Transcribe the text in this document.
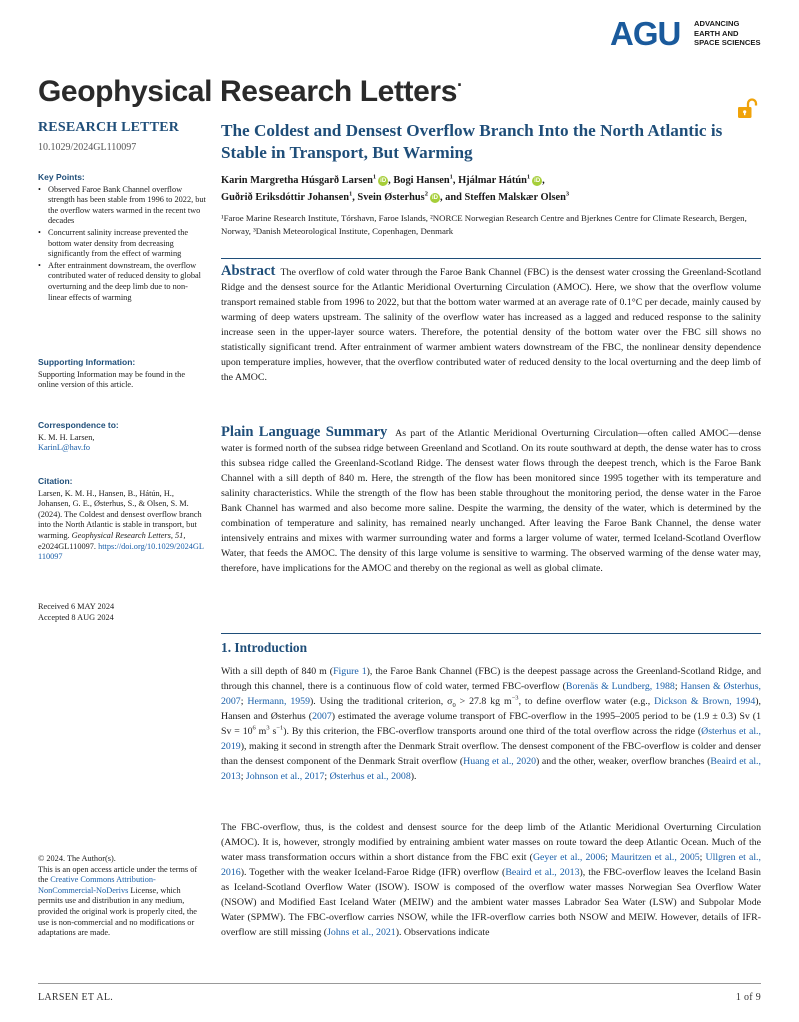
AGU ADVANCING
EARTH AND
SPACE SCIENCES
Geophysical Research Letters·
RESEARCH LETTER
10.1029/2024GL110097
Key Points:
• Observed Faroe Bank Channel overflow strength has been stable from 1996 to 2022, but the overflow waters warmed in the recent two decades
• Concurrent salinity increase prevented the bottom water density from decreasing significantly from the effect of warming
• After entrainment downstream, the overflow contributed water of reduced density to global overturning and the deep limb due to non-linear effects of warming
Supporting Information:
Supporting Information may be found in the online version of this article.
Correspondence to:
K. M. H. Larsen,
KarinL@hav.fo
Citation:
Larsen, K. M. H., Hansen, B., Hátún, H., Johansen, G. E., Østerhus, S., & Olsen, S. M. (2024). The Coldest and densest overflow branch into the North Atlantic is stable in transport, but warming. Geophysical Research Letters, 51, e2024GL110097. https://doi.org/10.1029/2024GL110097
Received 6 MAY 2024
Accepted 8 AUG 2024
© 2024. The Author(s).
This is an open access article under the terms of the Creative Commons Attribution-NonCommercial-NoDerivs License, which permits use and distribution in any medium, provided the original work is properly cited, the use is non-commercial and no modifications or adaptations are made.
The Coldest and Densest Overflow Branch Into the North Atlantic is Stable in Transport, But Warming
Karin Margretha Húsgarð Larsen$^1$iD , Bogi Hansen$^1$, Hjálmar Hátún$^1$iD ,
Guðrið Eriksdóttir Johansen$^1$, Svein Østerhus$^2$iD , and Steffen Malskær Olsen$^3$
¹Faroe Marine Research Institute, Tórshavn, Faroe Islands, ²NORCE Norwegian Research Centre and Bjerknes Centre for Climate Research, Bergen, Norway, ³Danish Meteorological Institute, Copenhagen, Denmark
Abstract The overflow of cold water through the Faroe Bank Channel (FBC) is the densest water crossing the Greenland-Scotland Ridge and the densest source for the Atlantic Meridional Overturning Circulation (AMOC). Here, we show that the overflow volume transport remained stable from 1996 to 2022, but that the bottom water warmed at an average rate of 0.1°C per decade, mainly caused by warming of deep waters upstream. The salinity of the overflow water has increased as a lagged and reduced response to the salinity increase seen in the upper-layer source waters. Therefore, the potential density of the bottom water over the FBC sill shows no statistically significant trend. After entrainment of warmer ambient waters downstream of the FBC, the nonlinear density dependence upon temperature implies, however, that the overflow contributed water of reduced density to the local overturning and the deep limb of the AMOC.
Plain Language Summary As part of the Atlantic Meridional Overturning Circulation—often called AMOC—dense water is formed north of the subsea ridge between Greenland and Scotland. On its route southward at depth, the dense water has to cross this subsea ridge called the Greenland-Scotland Ridge. The densest water flows through the deepest trench, which is the Faroe Bank Channel with a sill depth of 840 m. Here, the strength of the flow has been monitored since 1995 together with its temperature and salinity characteristics. While the strength of the flow has been stable throughout the monitoring period, the dense water in the Faroe Bank Channel has warmed and also become more saline. Despite the warming, the density of the water, which is determined by the combination of temperature and salinity, has remained nearly unchanged. After leaving the Faroe Bank Channel, the dense water intensively entrains and mixes with warmer surrounding water and forms a larger volume of water, termed Iceland-Scotland Overflow Water, that feeds the AMOC. The density of this large volume is sensitive to warming. The observed warming of the dense water may, therefore, have implications for the AMOC and thereby on the regional as well as global climate.
1. Introduction
With a sill depth of 840 m (Figure 1), the Faroe Bank Channel (FBC) is the deepest passage across the Greenland-Scotland Ridge, and through this channel, there is a continuous flow of cold water, termed FBC-overflow (Borenäs & Lundberg, 1988; Hansen & Østerhus, 2007; Hermann, 1959). Using the traditional criterion, $\sigma_0 > 27.8$ kg $m^{-3}$, to define overflow water (e.g., Dickson & Brown, 1994), Hansen and Østerhus (2007) estimated the average volume transport of FBC-overflow in the 1995–2005 period to be (1.9 ± 0.3) Sv (1 $Sv = 10^6$ $m^3$ $s^{-1}$). By this criterion, the FBC-overflow transports around one third of the total overflow across the ridge (Østerhus et al., 2019), making it second in strength after the Denmark Strait overflow. The densest component of the FBC-overflow is colder and denser than the densest component of the Denmark Strait overflow (Huang et al., 2020) and the other, weaker, overflow branches (Beaird et al., 2013; Johnson et al., 2017; Østerhus et al., 2008).
The FBC-overflow, thus, is the coldest and densest source for the deep limb of the Atlantic Meridional Overturning Circulation (AMOC). It is, however, strongly modified by entraining ambient water masses on route toward the deep Atlantic Ocean. Much of the water mass transformation occurs within a short distance from the FBC exit (Geyer et al., 2006; Mauritzen et al., 2005; Ullgren et al., 2016). Together with the weaker Iceland-Faroe Ridge (IFR) overflow (Beaird et al., 2013), the FBC-overflow leaves the Iceland Basin as Iceland-Scotland Overflow Water (ISOW). ISOW is composed of the overflow water masses Norwegian Sea Overflow Water (NSOW) and Modified East Iceland Water (MEIW) and the ambient water masses Labrador Sea Water (LSW) and Subpolar Mode Water (SPMW). The FBC-overflow carries NSOW, while the IFR-overflow carries both NSOW and MEIW. However, details of IFR-overflow are still missing (Johns et al., 2021). Observations indicate
LARSEN ET AL.	1 of 9
